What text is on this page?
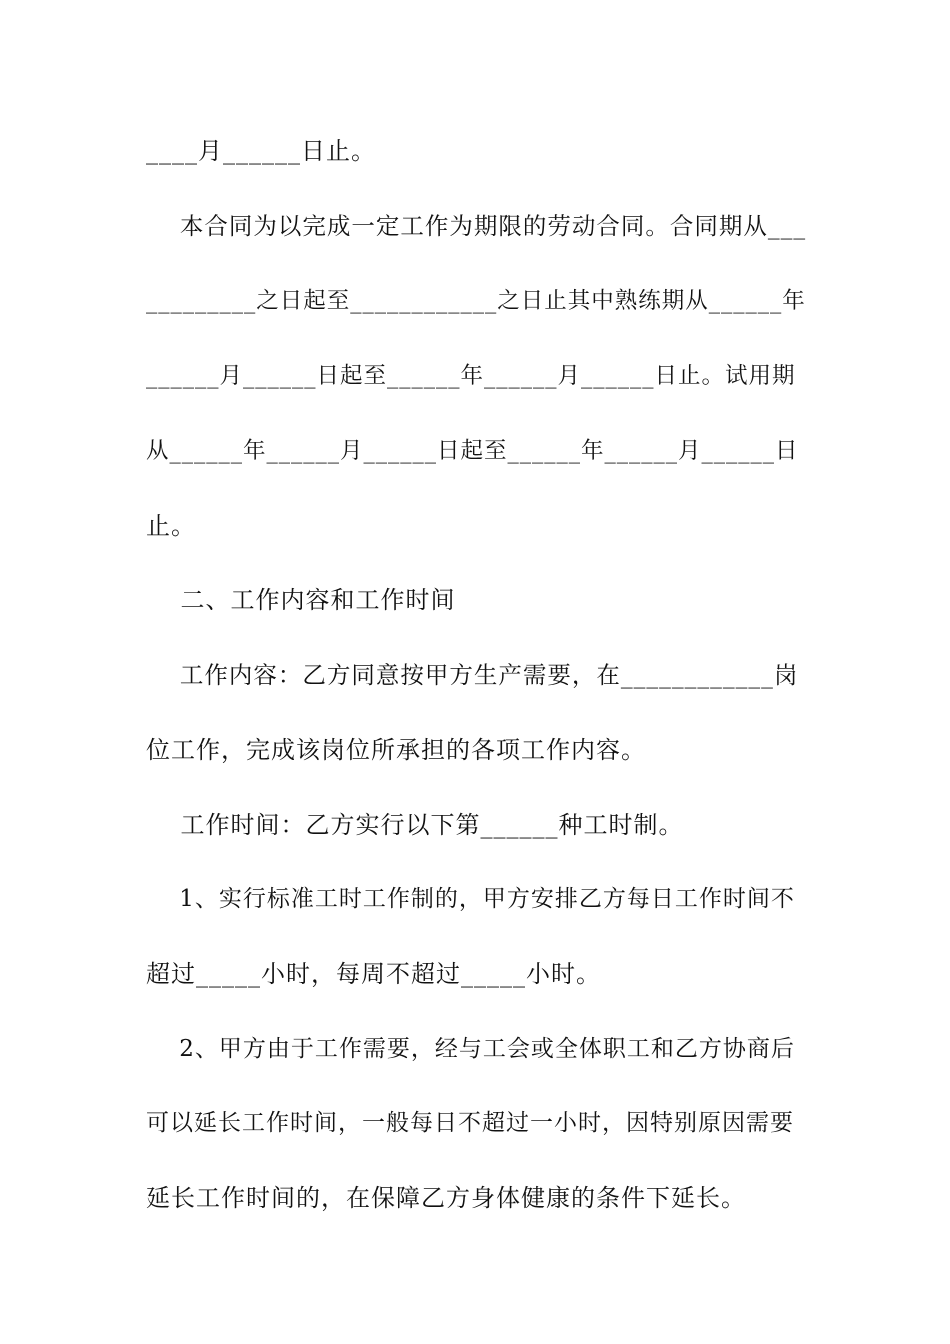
____月______日止。
本合同为以完成一定工作为期限的劳动合同。合同期从___
_________之日起至____________之日止其中熟练期从______年
______月______日起至______年______月______日止。试用期
从______年______月______日起至______年______月______日
止。
二、工作内容和工作时间
工作内容：乙方同意按甲方生产需要，在____________岗
位工作，完成该岗位所承担的各项工作内容。
工作时间：乙方实行以下第______种工时制。
1、实行标准工时工作制的，甲方安排乙方每日工作时间不
超过_____小时，每周不超过_____小时。
2、甲方由于工作需要，经与工会或全体职工和乙方协商后
可以延长工作时间，一般每日不超过一小时，因特别原因需要
延长工作时间的，在保障乙方身体健康的条件下延长。
